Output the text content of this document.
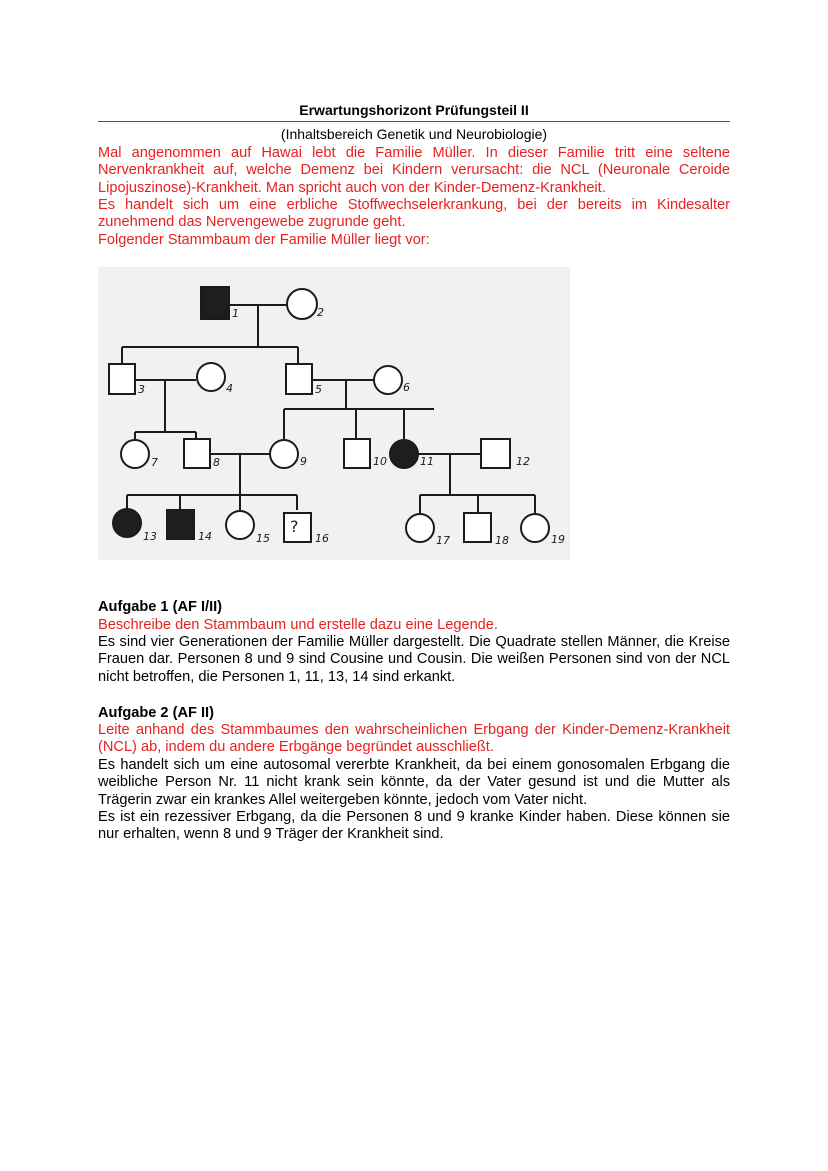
Erwartungshorizont Prüfungsteil II
(Inhaltsbereich Genetik und Neurobiologie)

Mal angenommen auf Hawai lebt die Familie Müller. In dieser Familie tritt eine seltene Nervenkrankheit auf, welche Demenz bei Kindern verursacht: die NCL (Neuronale Ceroide Lipojuszinose)-Krankheit. Man spricht auch von der Kinder-Demenz-Krankheit.

Es handelt sich um eine erbliche Stoffwechselerkrankung, bei der bereits im Kindesalter zunehmend das Nervengewebe zugrunde geht.

Folgender Stammbaum der Familie Müller liegt vor:

?
1	2
3	4	5	6
7	8	9	10	11	12
13	14	15	16	17	18	19
Aufgabe 1 (AF I/II)

Beschreibe den Stammbaum und erstelle dazu eine Legende.

Es sind vier Generationen der Familie Müller dargestellt. Die Quadrate stellen Männer, die Kreise Frauen dar. Personen 8 und 9 sind Cousine und Cousin. Die weißen Personen sind von der NCL nicht betroffen, die Personen 1, 11, 13, 14 sind erkankt.

Aufgabe 2 (AF II)

Leite anhand des Stammbaumes den wahrscheinlichen Erbgang der Kinder-Demenz-Krankheit (NCL) ab, indem du andere Erbgänge begründet ausschließt.

Es handelt sich um eine autosomal vererbte Krankheit, da bei einem gonosomalen Erbgang die weibliche Person Nr. 11 nicht krank sein könnte, da der Vater gesund ist und die Mutter als Trägerin zwar ein krankes Allel weitergeben könnte, jedoch vom Vater nicht.

Es ist ein rezessiver Erbgang, da die Personen 8 und 9 kranke Kinder haben. Diese können sie nur erhalten, wenn 8 und 9 Träger der Krankheit sind.
